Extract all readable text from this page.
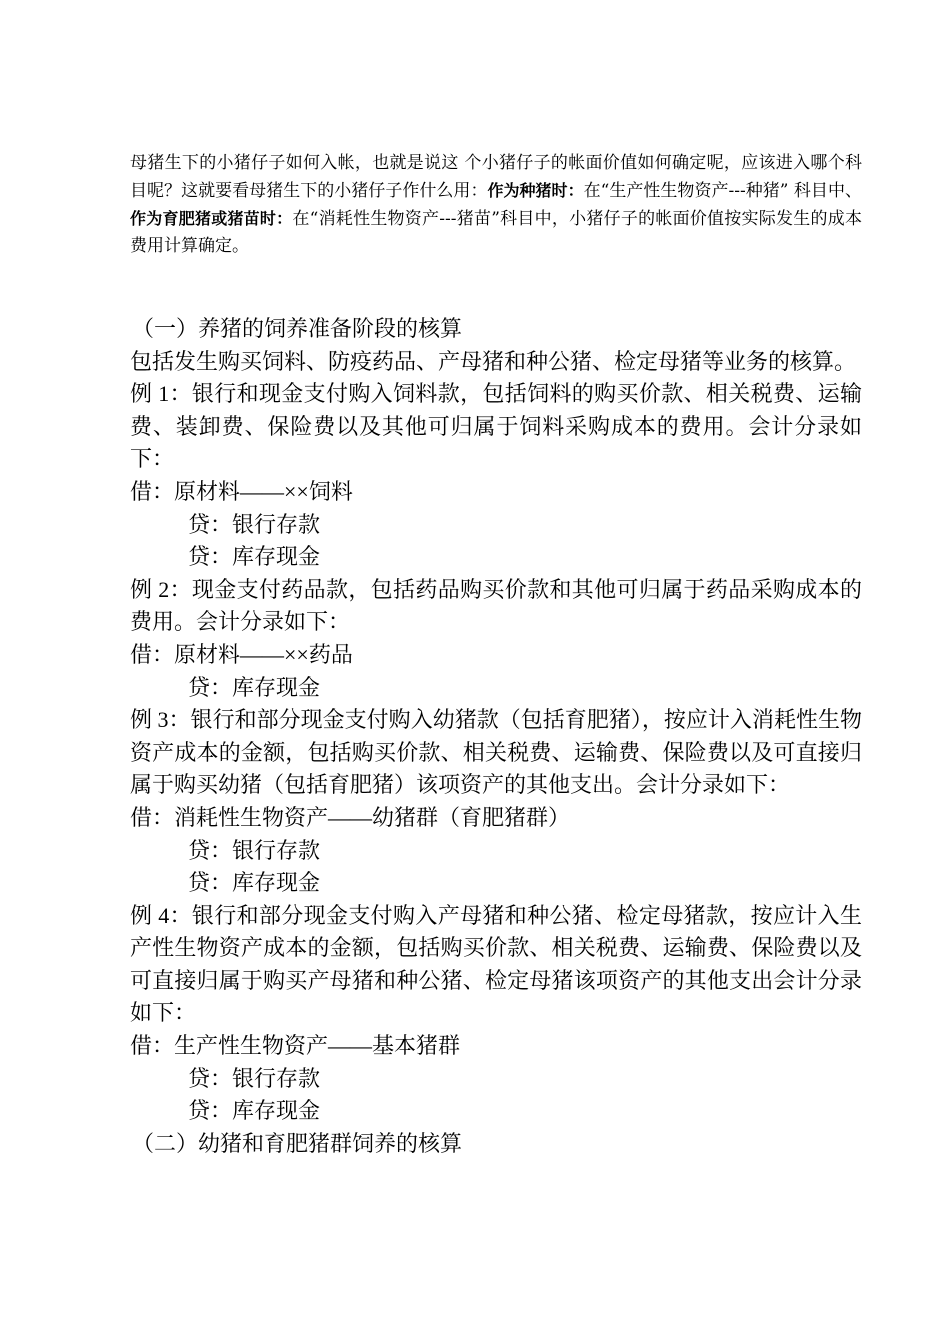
母猪生下的小猪仔子如何入帐，也就是说这 个小猪仔子的帐面价值如何确定呢，应该进入哪个科目呢？这就要看母猪生下的小猪仔子作什么用：作为种猪时：在“生产性生物资产---种猪” 科目中、作为育肥猪或猪苗时：在“消耗性生物资产---猪苗”科目中，小猪仔子的帐面价值按实际发生的成本费用计算确定。

（一）养猪的饲养准备阶段的核算

包括发生购买饲料、防疫药品、产母猪和种公猪、检定母猪等业务的核算。

例 1：银行和现金支付购入饲料款，包括饲料的购买价款、相关税费、运输费、装卸费、保险费以及其他可归属于饲料采购成本的费用。会计分录如下：

借：原材料——××饲料

贷：银行存款

贷：库存现金

例 2：现金支付药品款，包括药品购买价款和其他可归属于药品采购成本的费用。会计分录如下：

借：原材料——××药品

贷：库存现金

例 3：银行和部分现金支付购入幼猪款（包括育肥猪），按应计入消耗性生物资产成本的金额，包括购买价款、相关税费、运输费、保险费以及可直接归属于购买幼猪（包括育肥猪）该项资产的其他支出。会计分录如下：

借：消耗性生物资产——幼猪群（育肥猪群）

贷：银行存款

贷：库存现金

例 4：银行和部分现金支付购入产母猪和种公猪、检定母猪款，按应计入生产性生物资产成本的金额，包括购买价款、相关税费、运输费、保险费以及可直接归属于购买产母猪和种公猪、检定母猪该项资产的其他支出会计分录如下：

借：生产性生物资产——基本猪群

贷：银行存款

贷：库存现金

（二）幼猪和育肥猪群饲养的核算
